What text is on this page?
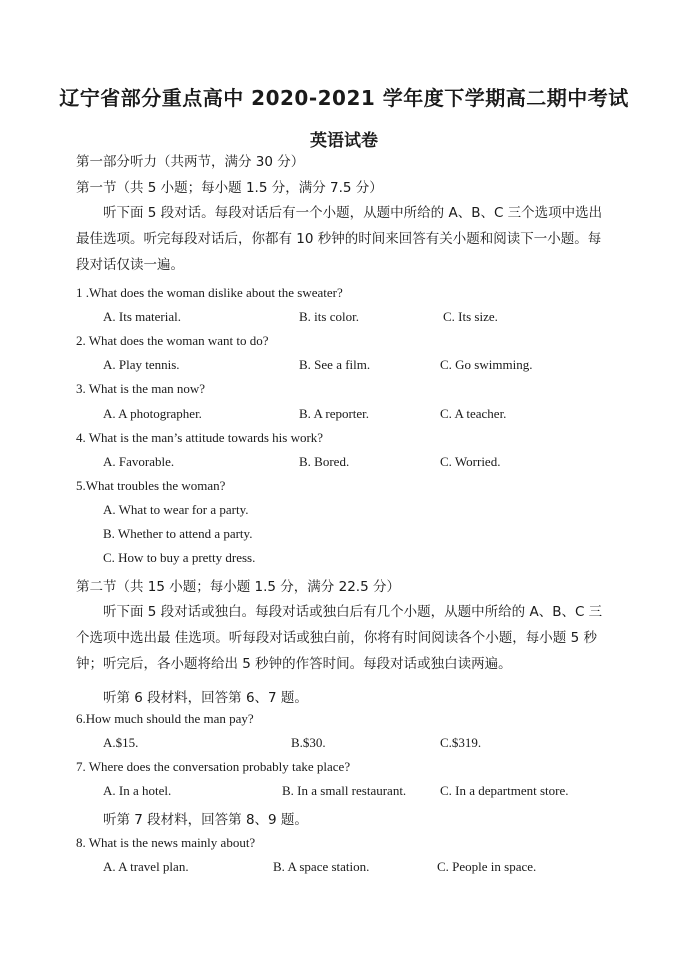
辽宁省部分重点高中 2020-2021 学年度下学期高二期中考试
英语试卷
第一部分听力（共两节，满分 30 分）
第一节（共 5 小题；每小题 1.5 分，满分 7.5 分）
听下面 5 段对话。每段对话后有一个小题，从题中所给的 A、B、C 三个选项中选出
最佳选项。听完每段对话后，你都有 10 秒钟的时间来回答有关小题和阅读下一小题。每
段对话仅读一遍。
1 .What does the woman dislike about the sweater?
A. Its material.	B. its color.	C. Its size.
2. What does the woman want to do?
A. Play tennis.	B. See a film.	C. Go swimming.
3. What is the man now?
A. A photographer.	B. A reporter.	C. A teacher.
4. What is the man’s attitude towards his work?
A. Favorable.	B. Bored.	C. Worried.
5.What troubles the woman?
A. What to wear for a party.
B. Whether to attend a party.
C. How to buy a pretty dress.
第二节（共 15 小题；每小题 1.5 分，满分 22.5 分）
听下面 5 段对话或独白。每段对话或独白后有几个小题，从题中所给的 A、B、C 三
个选项中选出最 佳选项。听每段对话或独白前，你将有时间阅读各个小题，每小题 5 秒
钟；听完后，各小题将给出 5 秒钟的作答时间。每段对话或独白读两遍。
听第 6 段材料，回答第 6、7 题。
6.How much should the man pay?
A.$15.	B.$30.	C.$319.
7. Where does the conversation probably take place?
A. In a hotel.	B. In a small restaurant.	C. In a department store.
听第 7 段材料，回答第 8、9 题。
8. What is the news mainly about?
A. A travel plan.	B. A space station.	C. People in space.
